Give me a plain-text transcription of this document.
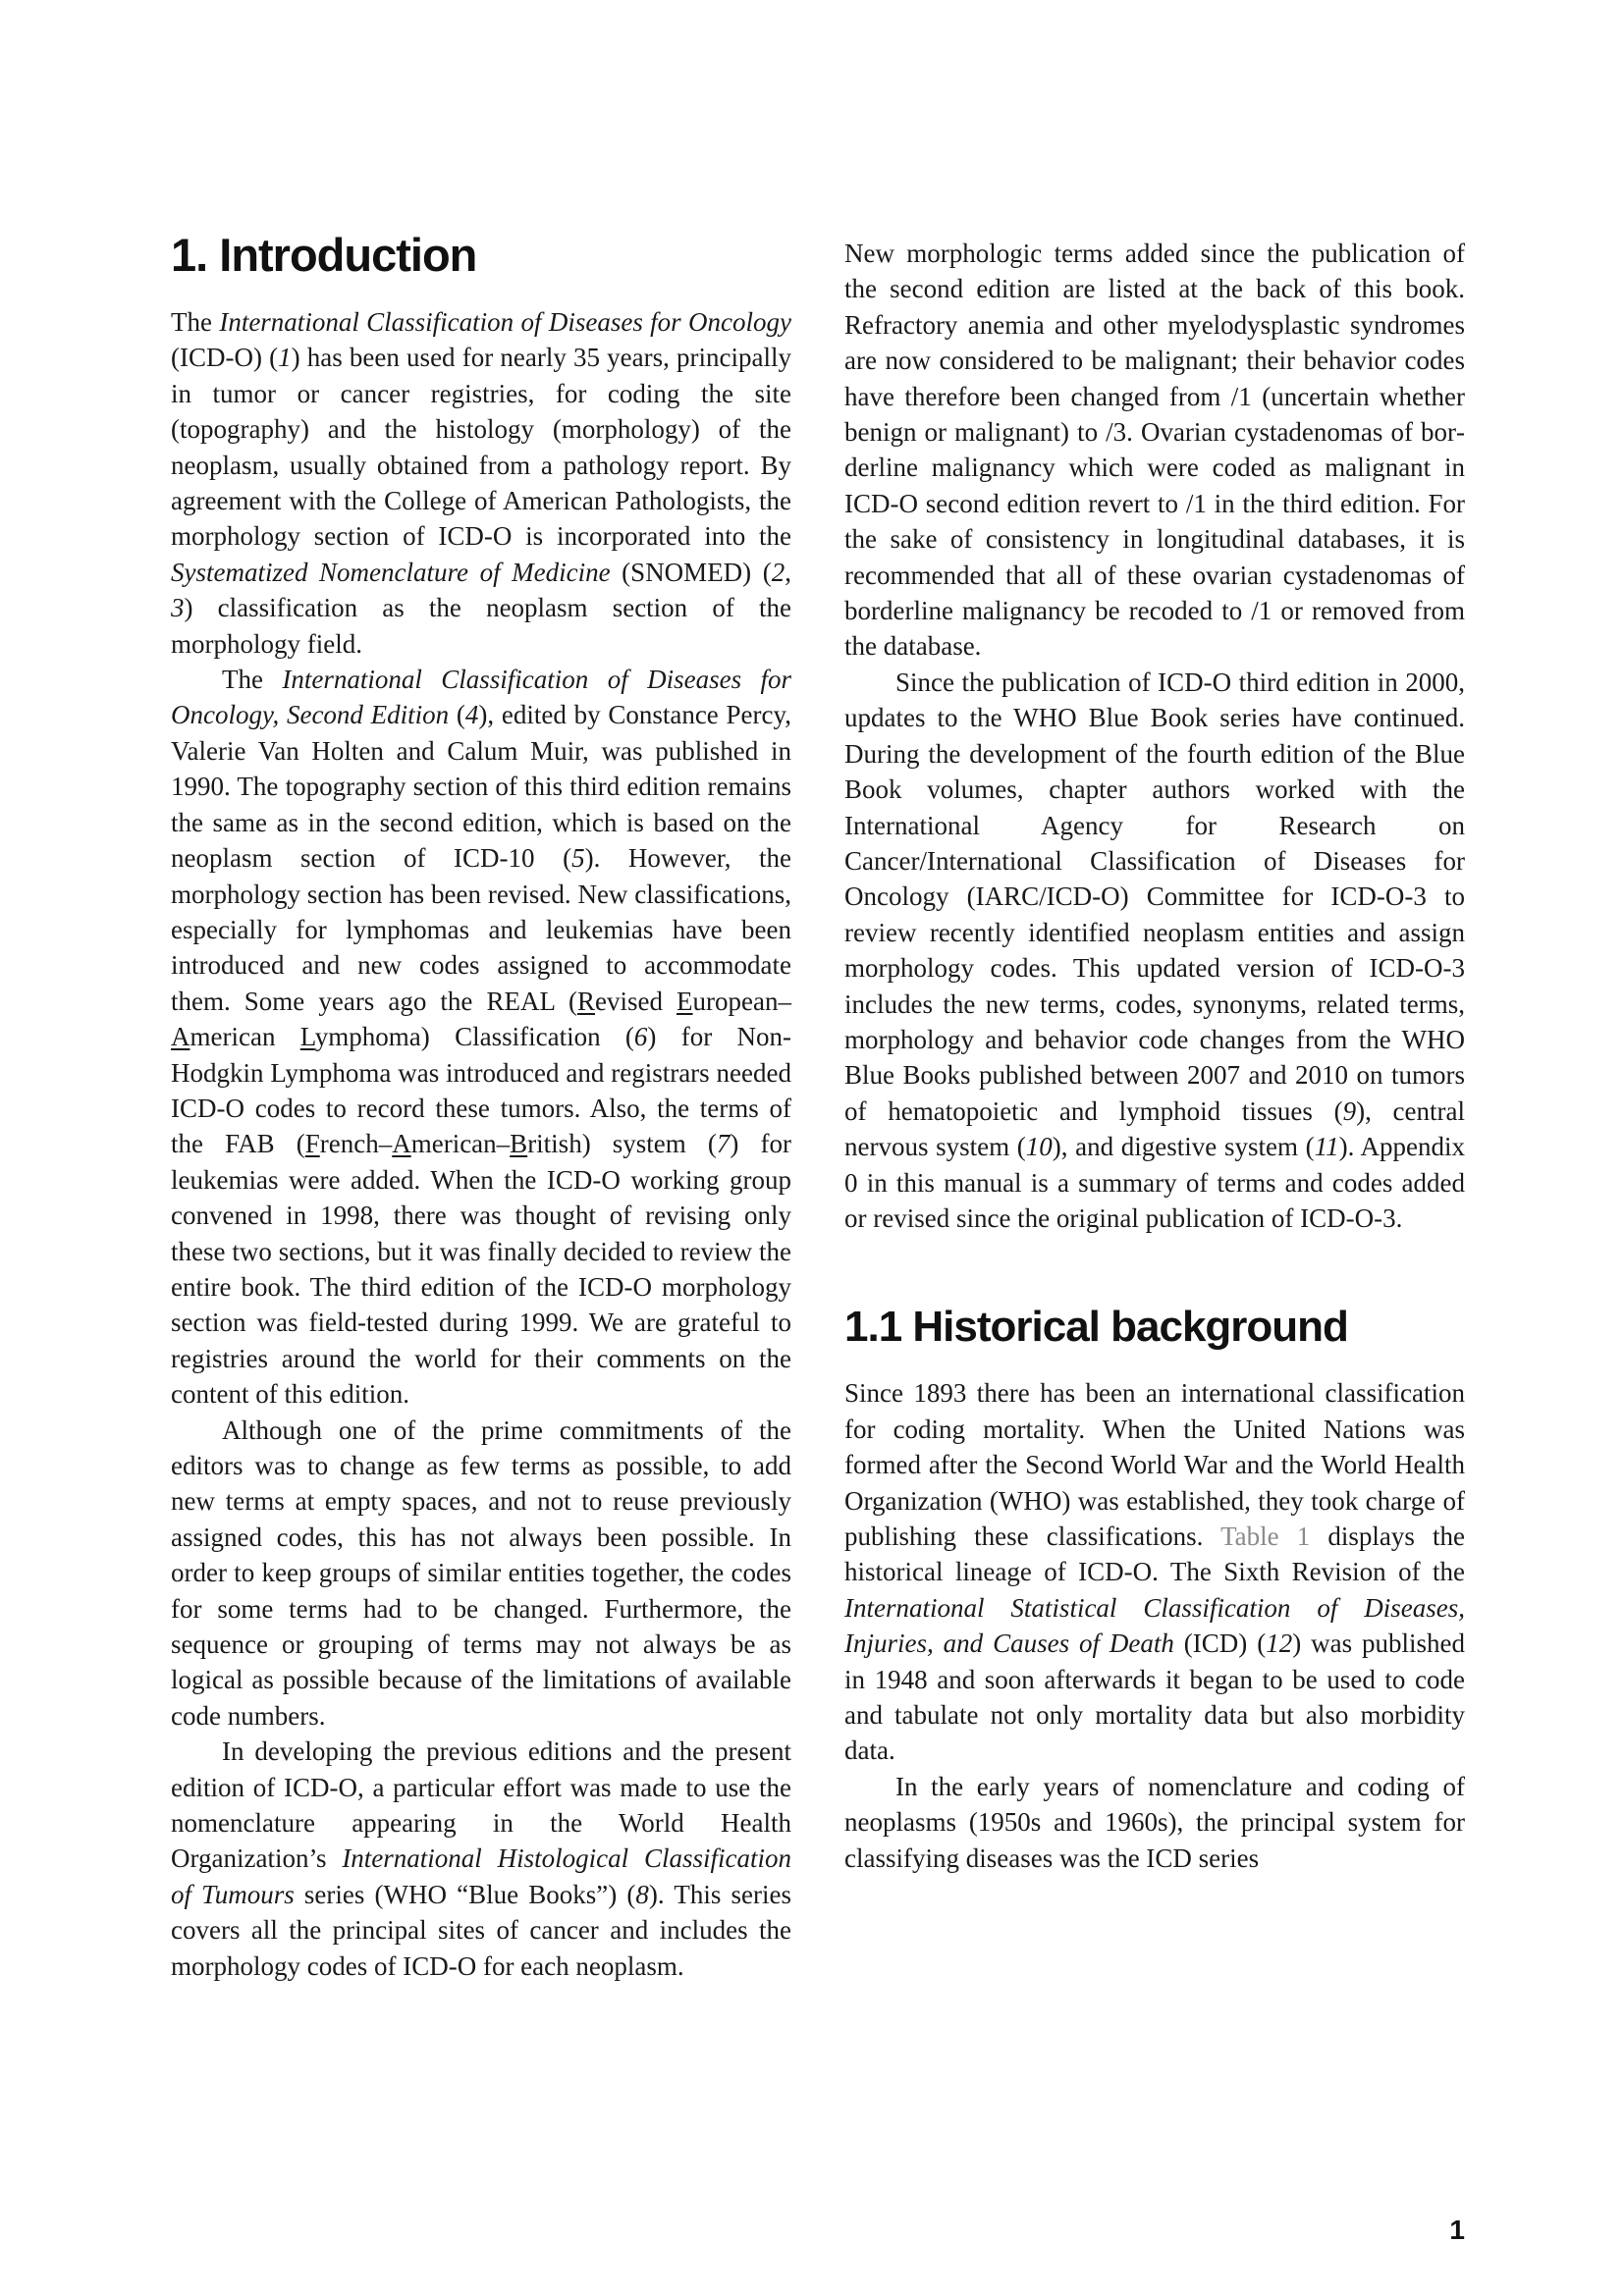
1. Introduction

The International Classification of Diseases for Oncology (ICD-O) (1) has been used for nearly 35 years, principally in tumor or cancer registries, for coding the site (topography) and the histology (morphology) of the neoplasm, usually obtained from a pathology report. By agreement with the College of American Pathologists, the morphology section of ICD-O is incorporated into the Systematized Nomenclature of Medicine (SNOMED) (2, 3) classification as the neoplasm section of the morphology field.

The International Classification of Diseases for Oncology, Second Edition (4), edited by Constance Percy, Valerie Van Holten and Calum Muir, was published in 1990. The topography section of this third edition remains the same as in the second edition, which is based on the neoplasm section of ICD-10 (5). However, the morphology section has been revised. New classifications, especially for lymphomas and leukemias have been introduced and new codes assigned to accommodate them. Some years ago the REAL (Revised European–American Lymphoma) Classification (6) for Non-Hodgkin Lymphoma was introduced and registrars needed ICD-O codes to record these tumors. Also, the terms of the FAB (French–American–British) system (7) for leukemias were added. When the ICD-O working group convened in 1998, there was thought of revising only these two sections, but it was finally decided to review the entire book. The third edition of the ICD-O morphology section was field-tested during 1999. We are grateful to registries around the world for their comments on the content of this edition.

Although one of the prime commitments of the editors was to change as few terms as possible, to add new terms at empty spaces, and not to reuse previously assigned codes, this has not always been possible. In order to keep groups of similar entities together, the codes for some terms had to be changed. Furthermore, the sequence or grouping of terms may not always be as logical as possible because of the limitations of available code numbers.

In developing the previous editions and the present edition of ICD-O, a particular effort was made to use the nomenclature appearing in the World Health Organization’s International Histological Classification of Tumours series (WHO “Blue Books”) (8). This series covers all the principal sites of cancer and includes the morphology codes of ICD-O for each neoplasm.

New morphologic terms added since the publication of the second edition are listed at the back of this book. Refractory anemia and other myelodysplastic syndromes are now considered to be malignant; their behavior codes have therefore been changed from /1 (uncertain whether benign or malignant) to /3. Ovarian cystadenomas of borderline malignancy which were coded as malignant in ICD-O second edition revert to /1 in the third edition. For the sake of consistency in longitudinal databases, it is recommended that all of these ovarian cystadenomas of borderline malignancy be recoded to /1 or removed from the database.

Since the publication of ICD-O third edition in 2000, updates to the WHO Blue Book series have continued. During the development of the fourth edition of the Blue Book volumes, chapter authors worked with the International Agency for Research on Cancer/International Classification of Diseases for Oncology (IARC/ICD-O) Committee for ICD-O-3 to review recently identified neoplasm entities and assign morphology codes. This updated version of ICD-O-3 includes the new terms, codes, synonyms, related terms, morphology and behavior code changes from the WHO Blue Books published between 2007 and 2010 on tumors of hematopoietic and lymphoid tissues (9), central nervous system (10), and digestive system (11). Appendix 0 in this manual is a summary of terms and codes added or revised since the original publication of ICD-O-3.

1.1 Historical background

Since 1893 there has been an international classification for coding mortality. When the United Nations was formed after the Second World War and the World Health Organization (WHO) was established, they took charge of publishing these classifications. Table 1 displays the historical lineage of ICD-O. The Sixth Revision of the International Statistical Classification of Diseases, Injuries, and Causes of Death (ICD) (12) was published in 1948 and soon afterwards it began to be used to code and tabulate not only mortality data but also morbidity data.

In the early years of nomenclature and coding of neoplasms (1950s and 1960s), the principal system for classifying diseases was the ICD series

1
